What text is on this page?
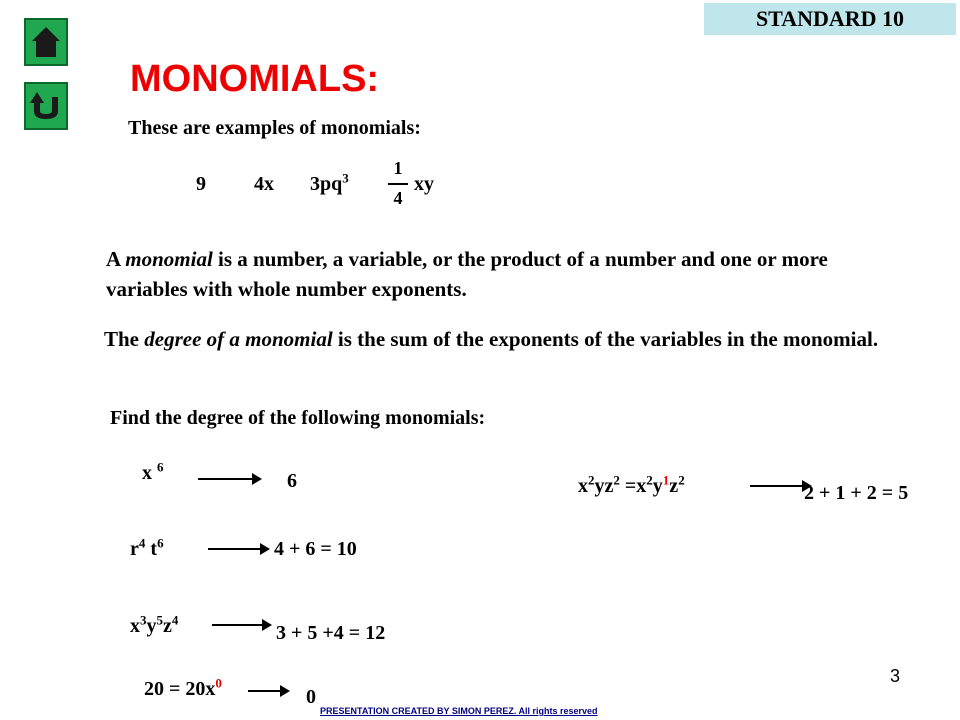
STANDARD 10
MONOMIALS:
These are examples of monomials:
9 4x $3pq^3$	1
4
xy
A monomial is a number, a variable, or the product of a number and one or more variables with whole number exponents.
The degree of a monomial is the sum of the exponents of the variables in the monomial.
Find the degree of the following monomials:
x $^6$
6	$x^2yz^2 =x^2y^1z^2$
2 + 1 + 2 = 5
$r^4$ $t^6$	4 + 6 = 10
$x^3y^5z^4$
3 + 5 +4 = 12
$20 = 20x^0$
0
PRESENTATION CREATED BY SIMON PEREZ. All rights reserved
3
